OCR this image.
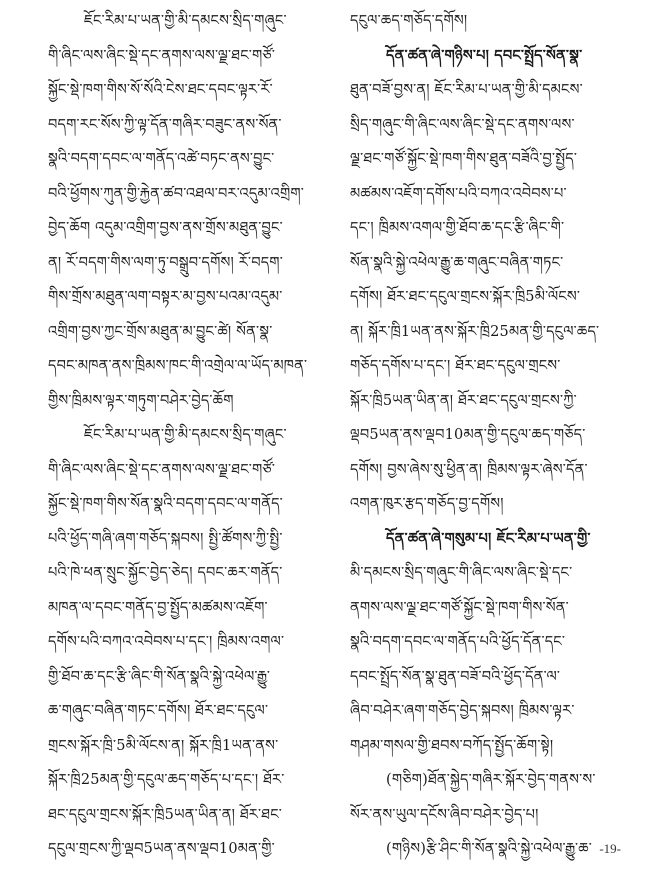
ཇོང་རིམ་པ་ཡན་གྱི་མི་དམངས་སྲིད་གཞུང་
གི་ཞིང་ལས་ཞིང་སྡེ་དང་ནགས་ལས་ལྗ་ཐང་གཙོ་
སྐྱོང་སྡེ་ཁག་གིས་སོ་སོའི་ངེས་ཐང་དབང་ལྟར་རོ་
བདག་རང་སོས་ཀྱི་ལྟ་དོན་གཞིར་བཟུང་ནས་སོན་
སྣའི་བདག་དབང་ལ་གནོད་འཚེ་བཏང་ནས་བྱུང་
བའི་ཕྱོགས་ཀུན་གྱི་རྐྱེན་ཚབ་འཐལ་བར་འདུམ་འགྲིག་
བྱེད་ཆོག འདུམ་འགྲིག་བྱས་ནས་གྲོས་མཐུན་བྱུང་
ན། རོ་བདག་གིས་ལག་ཏུ་བསྒྲུབ་དགོས། རོ་བདག་
གིས་གྲོས་མཐུན་ལག་བསྟར་མ་བྱས་པའམ་འདུམ་
འགྲིག་བྱས་ཀྱང་གྲོས་མཐུན་མ་བྱུང་ཚེ། སོན་སྣ་
དབང་མཁན་ནས་ཁྲིམས་ཁང་གི་འགྲེལ་ལ་ཡོད་མཁན་
གྱིས་ཁྲིམས་ལྟར་གཏུག་བཤེར་བྱེད་ཆོག
ཇོང་རིམ་པ་ཡན་གྱི་མི་དམངས་སྲིད་གཞུང་
གི་ཞིང་ལས་ཞིང་སྡེ་དང་ནགས་ལས་ལྗ་ཐང་གཙོ་
སྐྱོང་སྡེ་ཁག་གིས་སོན་སྣའི་བདག་དབང་ལ་གནོད་
པའི་ཕྱོད་གཞི་ཞག་གཅོད་སྐབས། སྤྱི་ཚོགས་ཀྱི་སྤྱི་
པའི་ཁེ་ཕན་སྲུང་སྐྱོང་བྱེད་ཅེད། དབང་ཆར་གནོད་
མཁན་ལ་དབང་གནོད་བྱ་སྤྱོད་མཚམས་འཇོག་
དགོས་པའི་བཀའ་འབེབས་པ་དང་། ཁྲིམས་འགལ་
གྱི་ཐོབ་ཆ་དང་རྩི་ཞིང་གི་སོན་སྣའི་སྐྱེ་འཕེལ་རྒྱུ་
ཆ་གཞུང་བཞིན་གཏང་དགོས། ཐོར་ཐང་དངུལ་
གྲངས་སྐོར་ཁྲི་5མི་ལོངས་ན། སྐོར་ཁྲི1ཡན་ནས་
སྐོར་ཁྲི25མན་གྱི་དངུལ་ཆད་གཅོད་པ་དང་། ཐོར་
ཐང་དངུལ་གྲངས་སྐོར་ཁྲི5ཡན་ཡིན་ན། ཐོར་ཐང་
དངུལ་གྲངས་ཀྱི་ལྡབ5ཡན་ནས་ལྡབ10མན་གྱི་
དངུལ་ཆད་གཅོད་དགོས།
དོན་ཚན་ཞེ་གཉིས་པ། དབང་སྤྲོད་སོན་སྣ་
ཐུན་བཟོ་བྱས་ན། ཇོང་རིམ་པ་ཡན་གྱི་མི་དམངས་
སྲིད་གཞུང་གི་ཞིང་ལས་ཞིང་སྡེ་དང་ནགས་ལས་
ལྗ་ཐང་གཙོ་སྐྱོང་སྡེ་ཁག་གིས་ཐུན་བཟོའི་བྱ་སྤྱོད་
མཚམས་འཇོག་དགོས་པའི་བཀའ་འབེབས་པ་
དང་། ཁྲིམས་འགལ་གྱི་ཐོབ་ཆ་དང་རྩི་ཞིང་གི་
སོན་སྣའི་སྐྱེ་འཕེལ་རྒྱུ་ཆ་གཞུང་བཞིན་གཏང་
དགོས། ཐོར་ཐང་དངུལ་གྲངས་སྐོར་ཁྲི5མི་ལོངས་
ན། སྐོར་ཁྲི1ཡན་ནས་སྐོར་ཁྲི25མན་གྱི་དངུལ་ཆད་
གཅོད་དགོས་པ་དང་། ཐོར་ཐང་དངུལ་གྲངས་
སྐོར་ཁྲི5ཡན་ཡིན་ན། ཐོར་ཐང་དངུལ་གྲངས་ཀྱི་
ལྡབ5ཡན་ནས་ལྡབ10མན་གྱི་དངུལ་ཆད་གཅོད་
དགོས། བྱས་ཞེས་སུ་ཕྱིན་ན། ཁྲིམས་ལྟར་ཞེས་དོན་
འགན་ཁུར་རྩད་གཅོད་བྱ་དགོས།
དོན་ཚན་ཞེ་གསུམ་པ། ཇོང་རིམ་པ་ཡན་གྱི་
མི་དམངས་སྲིད་གཞུང་གི་ཞིང་ལས་ཞིང་སྡེ་དང་
ནགས་ལས་ལྗ་ཐང་གཙོ་སྐྱོང་སྡེ་ཁག་གིས་སོན་
སྣའི་བདག་དབང་ལ་གནོད་པའི་ཕྱོད་དོན་དང་
དབང་སྤྲོད་སོན་སྣ་ཐུན་བཟོ་བའི་ཕྱོད་དོན་ལ་
ཞིབ་བཤེར་ཞག་གཅོད་བྱེད་སྐབས། ཁྲིམས་ལྟར་
གཤམ་གསལ་གྱི་ཐབས་བཀོད་སྤྱོད་ཆོག་སྟེ།
(གཅིག)ཐོན་སྐྱེད་གཞིར་སྐོར་བྱེད་གནས་ས་
སོར་ནས་ཡུལ་དངོས་ཞིབ་བཤེར་བྱེད་པ།
(གཉིས)རྩི་ཤིང་གི་སོན་སྣའི་སྐྱེ་འཕེལ་རྒྱུ་ཆ་ -19-
